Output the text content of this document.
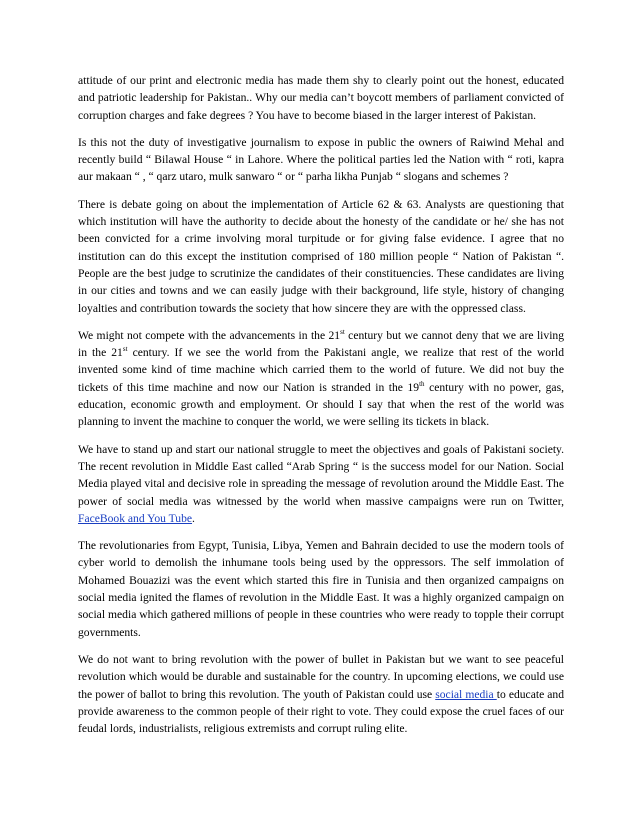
attitude of our print and electronic media has made them shy to clearly point out the honest, educated and patriotic leadership for Pakistan.. Why our media can’t boycott members of parliament convicted of corruption charges and fake degrees ? You have to become biased in the larger interest of Pakistan.

Is this not the duty of investigative journalism to expose in public the owners of Raiwind Mehal and recently build “ Bilawal House “ in Lahore. Where the political parties led the Nation with “ roti, kapra aur makaan “ , “ qarz utaro, mulk sanwaro “ or “ parha likha Punjab “ slogans and schemes ?

There is debate going on about the implementation of Article 62 & 63. Analysts are questioning that which institution will have the authority to decide about the honesty of the candidate or he/ she has not been convicted for a crime involving moral turpitude or for giving false evidence. I agree that no institution can do this except the institution comprised of 180 million people “ Nation of Pakistan “. People are the best judge to scrutinize the candidates of their constituencies. These candidates are living in our cities and towns and we can easily judge with their background, life style, history of changing loyalties and contribution towards the society that how sincere they are with the oppressed class.

We might not compete with the advancements in the 21st century but we cannot deny that we are living in the 21st century. If we see the world from the Pakistani angle, we realize that rest of the world invented some kind of time machine which carried them to the world of future. We did not buy the tickets of this time machine and now our Nation is stranded in the 19th century with no power, gas, education, economic growth and employment. Or should I say that when the rest of the world was planning to invent the machine to conquer the world, we were selling its tickets in black.

We have to stand up and start our national struggle to meet the objectives and goals of Pakistani society. The recent revolution in Middle East called “Arab Spring “ is the success model for our Nation. Social Media played vital and decisive role in spreading the message of revolution around the Middle East. The power of social media was witnessed by the world when massive campaigns were run on Twitter, FaceBook and You Tube.

The revolutionaries from Egypt, Tunisia, Libya, Yemen and Bahrain decided to use the modern tools of cyber world to demolish the inhumane tools being used by the oppressors. The self immolation of Mohamed Bouazizi was the event which started this fire in Tunisia and then organized campaigns on social media ignited the flames of revolution in the Middle East. It was a highly organized campaign on social media which gathered millions of people in these countries who were ready to topple their corrupt governments.

We do not want to bring revolution with the power of bullet in Pakistan but we want to see peaceful revolution which would be durable and sustainable for the country. In upcoming elections, we could use the power of ballot to bring this revolution. The youth of Pakistan could use social media to educate and provide awareness to the common people of their right to vote. They could expose the cruel faces of our feudal lords, industrialists, religious extremists and corrupt ruling elite.
